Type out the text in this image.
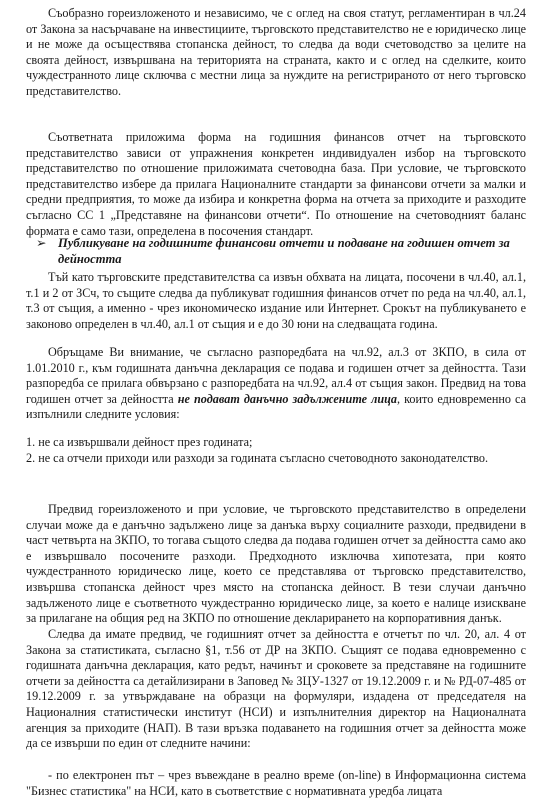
Съобразно гореизложеното и независимо, че с оглед на своя статут, регламентиран в чл.24 от Закона за насърчаване на инвестициите, търговското представителство не е юридическо лице и не може да осъществява стопанска дейност, то следва да води счетоводство за целите на своята дейност, извършвана на територията на страната, както и с оглед на сделките, които чуждестранното лице сключва с местни лица за нуждите на регистрираното от него търговско представителство.

Съответната приложима форма на годишния финансов отчет на търговското представителство зависи от упражнения конкретен индивидуален избор на търговското представителство по отношение приложимата счетоводна база. При условие, че търговското представителство избере да прилага Националните стандарти за финансови отчети за малки и средни предприятия, то може да избира и конкретна форма на отчета за приходите и разходите съгласно СС 1 „Представяне на финансови отчети“. По отношение на счетоводният баланс формата е само тази, определена в посочения стандарт.

➢ Публикуване на годишните финансови отчети и подаване на годишен отчет за дейността

Тъй като търговските представителства са извън обхвата на лицата, посочени в чл.40, ал.1, т.1 и 2 от ЗСч, то същите следва да публикуват годишния финансов отчет по реда на чл.40, ал.1, т.3 от същия, а именно - чрез икономическо издание или Интернет. Срокът на публикуването е законово определен в чл.40, ал.1 от същия и е до 30 юни на следващата година.

Обръщаме Ви внимание, че съгласно разпоредбата на чл.92, ал.3 от ЗКПО, в сила от 1.01.2010 г., към годишната данъчна декларация се подава и годишен отчет за дейността. Тази разпоредба се прилага обвързано с разпоредбата на чл.92, ал.4 от същия закон. Предвид на това годишен отчет за дейността не подават данъчно задължените лица, които едновременно са изпълнили следните условия:

1. не са извършвали дейност през годината;
2. не са отчели приходи или разходи за годината съгласно счетоводното законодателство.

Предвид гореизложеното и при условие, че търговското представителство в определени случаи може да е данъчно задължено лице за данъка върху социалните разходи, предвидени в част четвърта на ЗКПО, то тогава същото следва да подава годишен отчет за дейността само ако е извършвало посочените разходи. Предходното изключва хипотезата, при която чуждестранното юридическо лице, което се представлява от търговско представителство, извършва стопанска дейност чрез място на стопанска дейност. В тези случаи данъчно задълженото лице е съответното чуждестранно юридическо лице, за което е налице изискване за прилагане на общия ред на ЗКПО по отношение декларирането на корпоративния данък.

Следва да имате предвид, че годишният отчет за дейността е отчетът по чл. 20, ал. 4 от Закона за статистиката, съгласно §1, т.56 от ДР на ЗКПО. Същият се подава едновременно с годишната данъчна декларация, като редът, начинът и сроковете за представяне на годишните отчети за дейността са детайлизирани в Заповед № ЗЦУ-1327 от 19.12.2009 г. и № РД-07-485 от 19.12.2009 г. за утвърждаване на образци на формуляри, издадена от председателя на Националния статистически институт (НСИ) и изпълнителния директор на Националната агенция за приходите (НАП). В тази връзка подаването на годишния отчет за дейността може да се извърши по един от следните начини:

- по електронен път – чрез въвеждане в реално време (on-line) в Информационна система "Бизнес статистика" на НСИ, като в съответствие с нормативната уредба лицата
